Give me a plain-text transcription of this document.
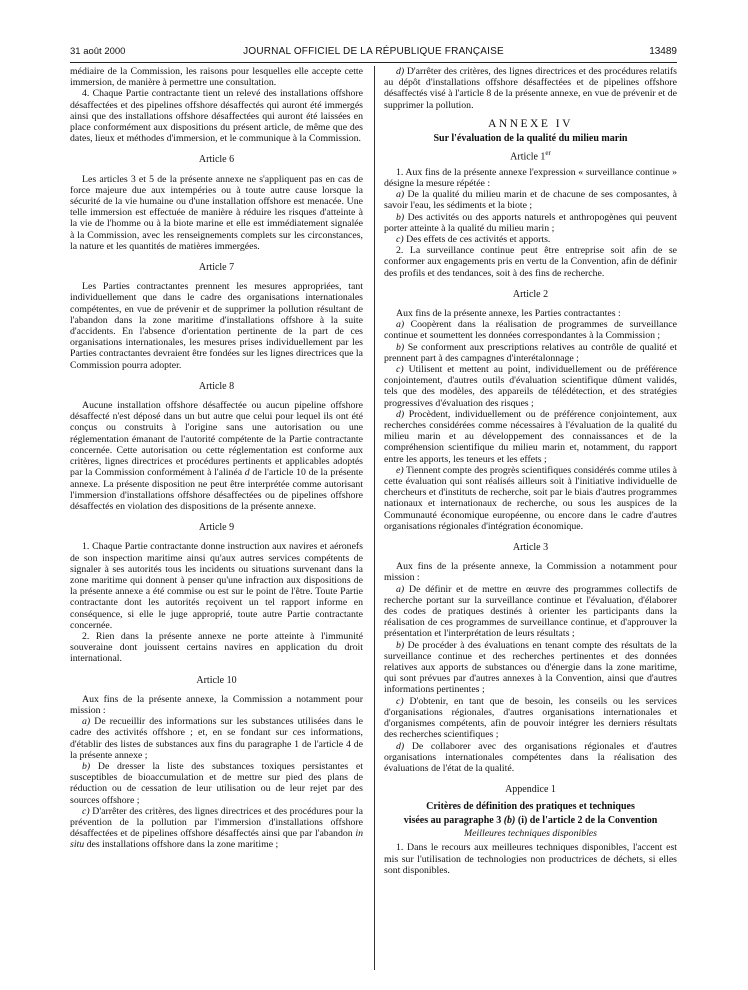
31 août 2000	JOURNAL OFFICIEL DE LA RÉPUBLIQUE FRANÇAISE	13489

médiaire de la Commission, les raisons pour lesquelles elle accepte cette immersion, de manière à permettre une consultation.

4. Chaque Partie contractante tient un relevé des installations offshore désaffectées et des pipelines offshore désaffectés qui auront été immergés ainsi que des installations offshore désaffectées qui auront été laissées en place conformément aux dispositions du présent article, de même que des dates, lieux et méthodes d'immersion, et le communique à la Commission.

Article 6

Les articles 3 et 5 de la présente annexe ne s'appliquent pas en cas de force majeure due aux intempéries ou à toute autre cause lorsque la sécurité de la vie humaine ou d'une installation offshore est menacée. Une telle immersion est effectuée de manière à réduire les risques d'atteinte à la vie de l'homme ou à la biote marine et elle est immédiatement signalée à la Commission, avec les renseignements complets sur les circonstances, la nature et les quantités de matières immergées.

Article 7

Les Parties contractantes prennent les mesures appropriées, tant individuellement que dans le cadre des organisations internationales compétentes, en vue de prévenir et de supprimer la pollution résultant de l'abandon dans la zone maritime d'installations offshore à la suite d'accidents. En l'absence d'orientation pertinente de la part de ces organisations internationales, les mesures prises individuellement par les Parties contractantes devraient être fondées sur les lignes directrices que la Commission pourra adopter.

Article 8

Aucune installation offshore désaffectée ou aucun pipeline offshore désaffecté n'est déposé dans un but autre que celui pour lequel ils ont été conçus ou construits à l'origine sans une autorisation ou une réglementation émanant de l'autorité compétente de la Partie contractante concernée. Cette autorisation ou cette réglementation est conforme aux critères, lignes directrices et procédures pertinents et applicables adoptés par la Commission conformément à l'alinéa d de l'article 10 de la présente annexe. La présente disposition ne peut être interprétée comme autorisant l'immersion d'installations offshore désaffectées ou de pipelines offshore désaffectés en violation des dispositions de la présente annexe.

Article 9

1. Chaque Partie contractante donne instruction aux navires et aéronefs de son inspection maritime ainsi qu'aux autres services compétents de signaler à ses autorités tous les incidents ou situations survenant dans la zone maritime qui donnent à penser qu'une infraction aux dispositions de la présente annexe a été commise ou est sur le point de l'être. Toute Partie contractante dont les autorités reçoivent un tel rapport informe en conséquence, si elle le juge approprié, toute autre Partie contractante concernée.

2. Rien dans la présente annexe ne porte atteinte à l'immunité souveraine dont jouissent certains navires en application du droit international.

Article 10

Aux fins de la présente annexe, la Commission a notamment pour mission :

a) De recueillir des informations sur les substances utilisées dans le cadre des activités offshore ; et, en se fondant sur ces informations, d'établir des listes de substances aux fins du paragraphe 1 de l'article 4 de la présente annexe ;

b) De dresser la liste des substances toxiques persistantes et susceptibles de bioaccumulation et de mettre sur pied des plans de réduction ou de cessation de leur utilisation ou de leur rejet par des sources offshore ;

c) D'arrêter des critères, des lignes directrices et des procédures pour la prévention de la pollution par l'immersion d'installations offshore désaffectées et de pipelines offshore désaffectés ainsi que par l'abandon in situ des installations offshore dans la zone maritime ;

d) D'arrêter des critères, des lignes directrices et des procédures relatifs au dépôt d'installations offshore désaffectées et de pipelines offshore désaffectés visé à l'article 8 de la présente annexe, en vue de prévenir et de supprimer la pollution.

ANNEXE IV

Sur l'évaluation de la qualité du milieu marin

Article 1er

1. Aux fins de la présente annexe l'expression « surveillance continue » désigne la mesure répétée :

a) De la qualité du milieu marin et de chacune de ses composantes, à savoir l'eau, les sédiments et la biote ;

b) Des activités ou des apports naturels et anthropogènes qui peuvent porter atteinte à la qualité du milieu marin ;

c) Des effets de ces activités et apports.

2. La surveillance continue peut être entreprise soit afin de se conformer aux engagements pris en vertu de la Convention, afin de définir des profils et des tendances, soit à des fins de recherche.

Article 2

Aux fins de la présente annexe, les Parties contractantes :

a) Coopèrent dans la réalisation de programmes de surveillance continue et soumettent les données correspondantes à la Commission ;

b) Se conforment aux prescriptions relatives au contrôle de qualité et prennent part à des campagnes d'interétalonnage ;

c) Utilisent et mettent au point, individuellement ou de préférence conjointement, d'autres outils d'évaluation scientifique dûment validés, tels que des modèles, des appareils de télédétection, et des stratégies progressives d'évaluation des risques ;

d) Procèdent, individuellement ou de préférence conjointement, aux recherches considérées comme nécessaires à l'évaluation de la qualité du milieu marin et au développement des connaissances et de la compréhension scientifique du milieu marin et, notamment, du rapport entre les apports, les teneurs et les effets ;

e) Tiennent compte des progrès scientifiques considérés comme utiles à cette évaluation qui sont réalisés ailleurs soit à l'initiative individuelle de chercheurs et d'instituts de recherche, soit par le biais d'autres programmes nationaux et internationaux de recherche, ou sous les auspices de la Communauté économique européenne, ou encore dans le cadre d'autres organisations régionales d'intégration économique.

Article 3

Aux fins de la présente annexe, la Commission a notamment pour mission :

a) De définir et de mettre en œuvre des programmes collectifs de recherche portant sur la surveillance continue et l'évaluation, d'élaborer des codes de pratiques destinés à orienter les participants dans la réalisation de ces programmes de surveillance continue, et d'approuver la présentation et l'interprétation de leurs résultats ;

b) De procéder à des évaluations en tenant compte des résultats de la surveillance continue et des recherches pertinentes et des données relatives aux apports de substances ou d'énergie dans la zone maritime, qui sont prévues par d'autres annexes à la Convention, ainsi que d'autres informations pertinentes ;

c) D'obtenir, en tant que de besoin, les conseils ou les services d'organisations régionales, d'autres organisations internationales et d'organismes compétents, afin de pouvoir intégrer les derniers résultats des recherches scientifiques ;

d) De collaborer avec des organisations régionales et d'autres organisations internationales compétentes dans la réalisation des évaluations de l'état de la qualité.

Appendice 1

Critères de définition des pratiques et techniques

visées au paragraphe 3 (b) (i) de l'article 2 de la Convention

Meilleures techniques disponibles

1. Dans le recours aux meilleures techniques disponibles, l'accent est mis sur l'utilisation de technologies non productrices de déchets, si elles sont disponibles.
